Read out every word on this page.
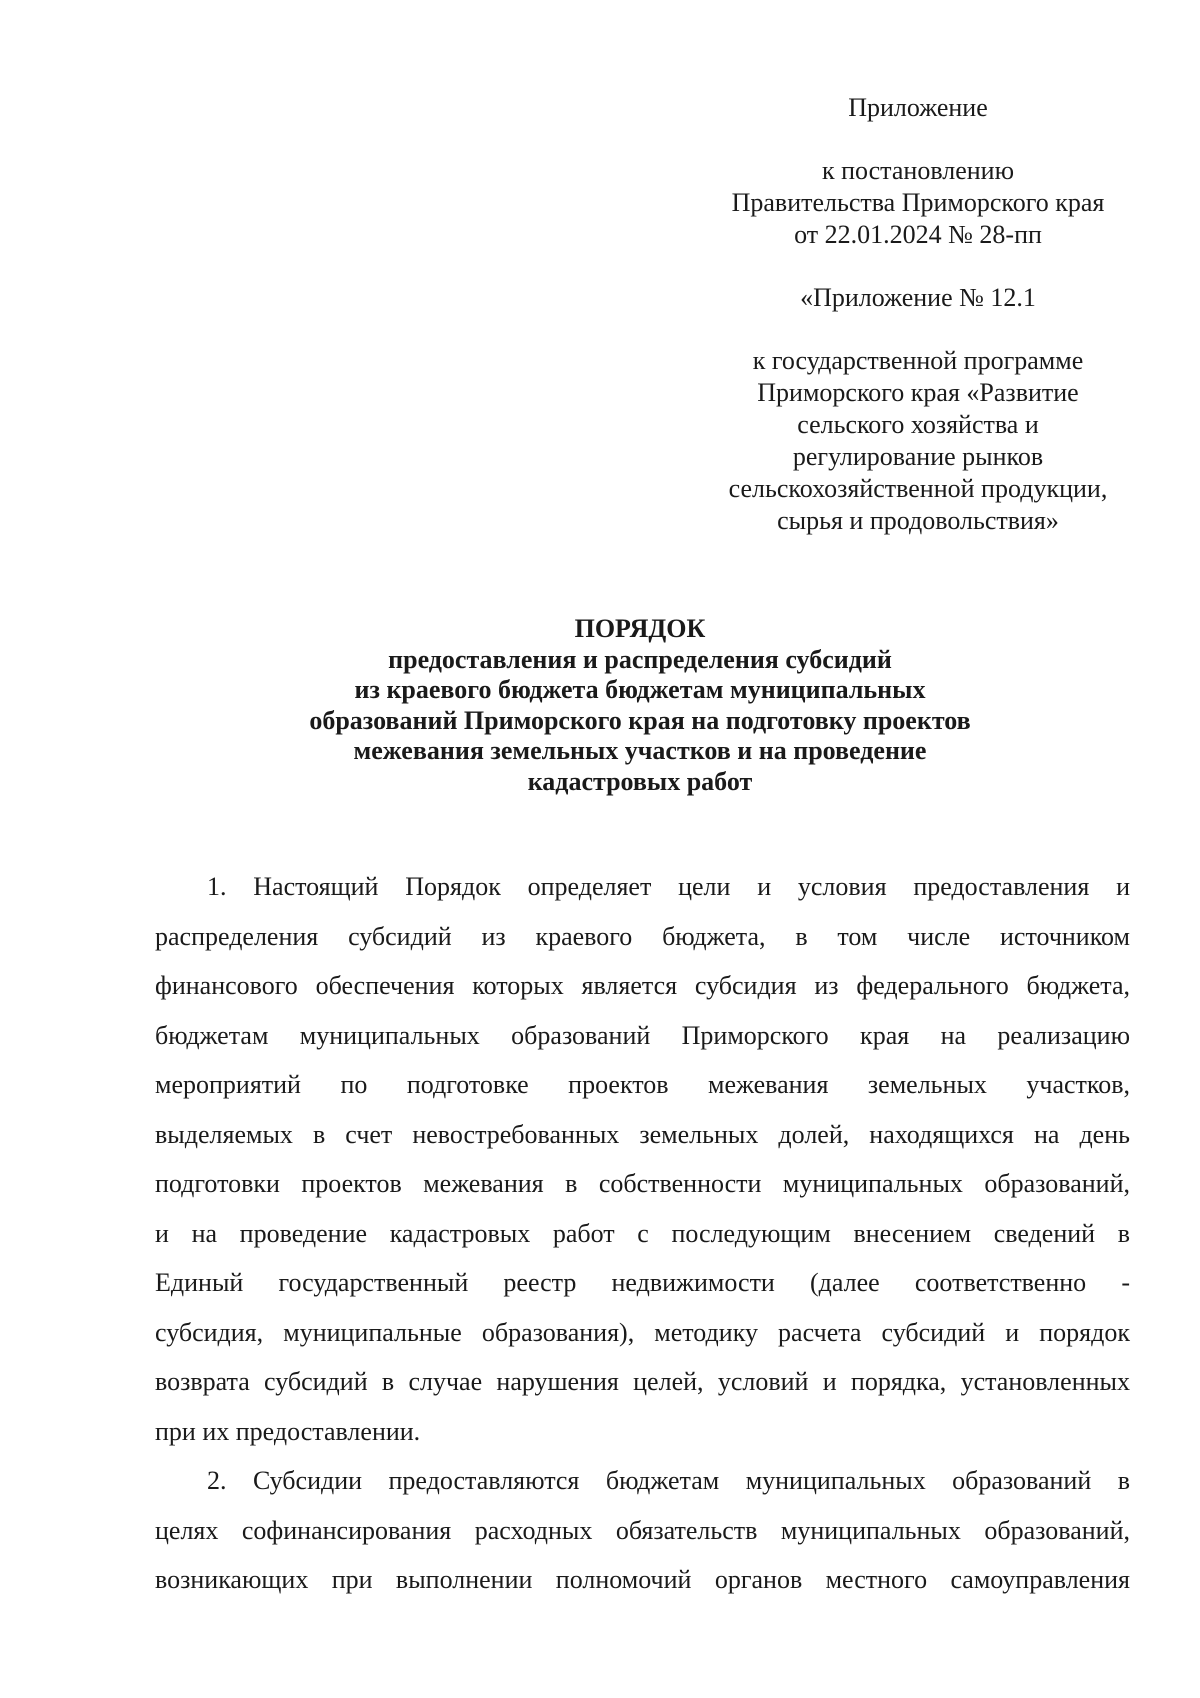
Приложение
к постановлению
Правительства Приморского края
от 22.01.2024 № 28-пп
«Приложение № 12.1
к государственной программе
Приморского края «Развитие
сельского хозяйства и
регулирование рынков
сельскохозяйственной продукции,
сырья и продовольствия»
ПОРЯДОК
предоставления и распределения субсидий
из краевого бюджета бюджетам муниципальных
образований Приморского края на подготовку проектов
межевания земельных участков и на проведение
кадастровых работ
1. Настоящий Порядок определяет цели и условия предоставления и
распределения субсидий из краевого бюджета, в том числе источником
финансового обеспечения которых является субсидия из федерального бюджета,
бюджетам муниципальных образований Приморского края на реализацию
мероприятий по подготовке проектов межевания земельных участков,
выделяемых в счет невостребованных земельных долей, находящихся на день
подготовки проектов межевания в собственности муниципальных образований,
и на проведение кадастровых работ с последующим внесением сведений в
Единый государственный реестр недвижимости (далее соответственно -
субсидия, муниципальные образования), методику расчета субсидий и порядок
возврата субсидий в случае нарушения целей, условий и порядка, установленных
при их предоставлении.
2. Субсидии предоставляются бюджетам муниципальных образований в
целях софинансирования расходных обязательств муниципальных образований,
возникающих при выполнении полномочий органов местного самоуправления
